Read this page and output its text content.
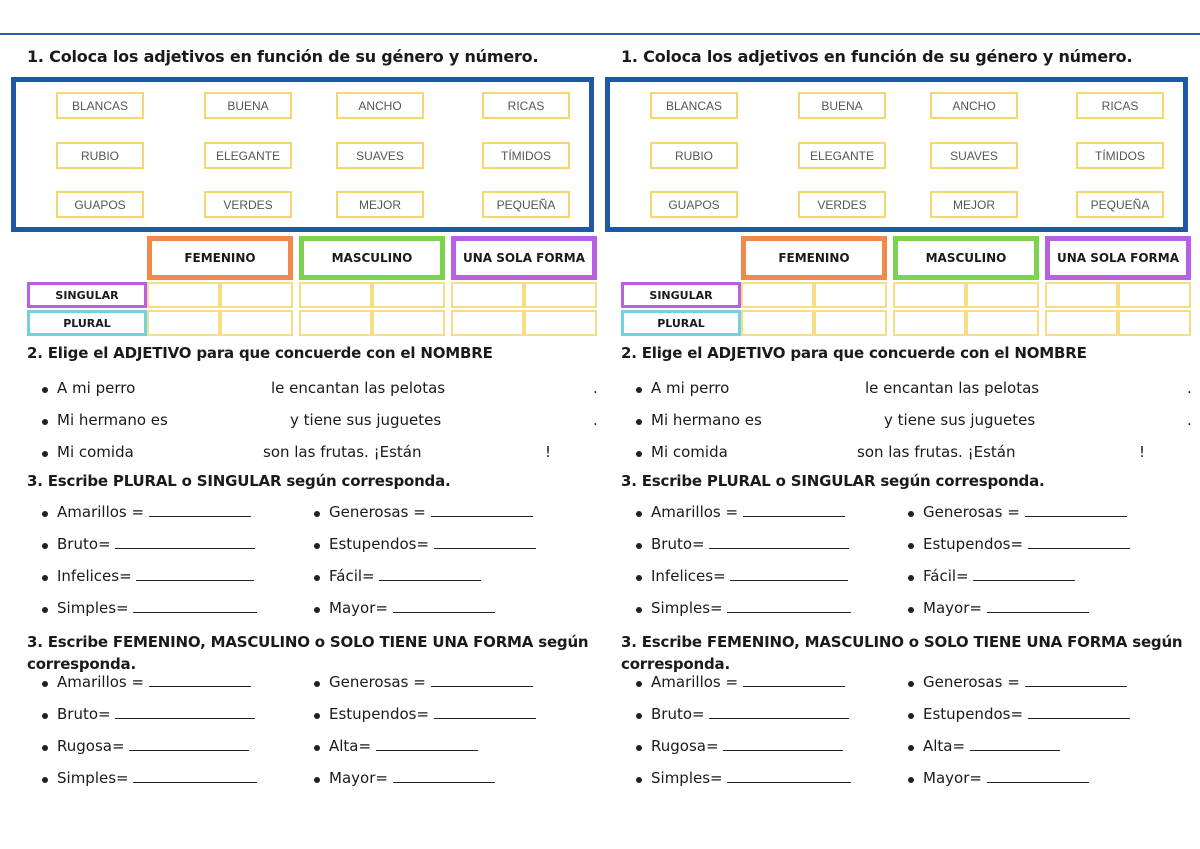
1. Coloca los adjetivos en función de su género y número.
BLANCAS	BUENA	ANCHO	RICAS
RUBIO	ELEGANTE	SUAVES	TÍMIDOS
GUAPOS	VERDES	MEJOR	PEQUEÑA
FEMENINO	MASCULINO	UNA SOLA FORMA
SINGULAR
PLURAL
2. Elige el ADJETIVO para que concuerde con el NOMBRE
A mi perro	le encantan las pelotas	.
Mi hermano es	y tiene sus juguetes	.
Mi comida	son las frutas. ¡Están	!
3. Escribe PLURAL o SINGULAR según corresponda.
Amarillos =
Bruto=
Infelices=
Simples=
Generosas =
Estupendos=
Fácil=
Mayor=
3. Escribe FEMENINO, MASCULINO o SOLO TIENE UNA FORMA según corresponda.
Amarillos =
Bruto=
Rugosa=
Simples=
Generosas =
Estupendos=
Alta=
Mayor=
1. Coloca los adjetivos en función de su género y número.
BLANCAS	BUENA	ANCHO	RICAS
RUBIO	ELEGANTE	SUAVES	TÍMIDOS
GUAPOS	VERDES	MEJOR	PEQUEÑA
FEMENINO	MASCULINO	UNA SOLA FORMA
SINGULAR
PLURAL
2. Elige el ADJETIVO para que concuerde con el NOMBRE
A mi perro	le encantan las pelotas	.
Mi hermano es	y tiene sus juguetes	.
Mi comida	son las frutas. ¡Están	!
3. Escribe PLURAL o SINGULAR según corresponda.
Amarillos =
Bruto=
Infelices=
Simples=
Generosas =
Estupendos=
Fácil=
Mayor=
3. Escribe FEMENINO, MASCULINO o SOLO TIENE UNA FORMA según corresponda.
Amarillos =
Bruto=
Rugosa=
Simples=
Generosas =
Estupendos=
Alta=
Mayor=
